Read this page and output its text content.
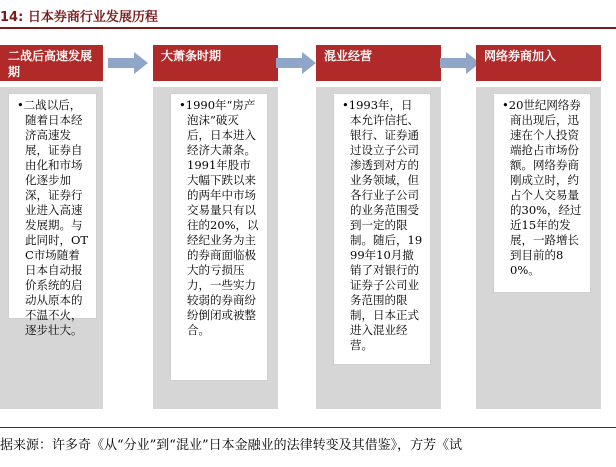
14: 日本券商行业发展历程
二战后高速发展期
•二战以后，随着日本经济高速发展，证券自由化和市场化逐步加深，证券行业进入高速发展期。与此同时，OTC市场随着日本自动报价系统的启动从原本的不温不火，逐步壮大。
大萧条时期
•1990年“房产泡沫”破灭后，日本进入经济大萧条。1991年股市大幅下跌以来的两年中市场交易量只有以往的20%，以经纪业务为主的券商面临极大的亏损压力，一些实力较弱的券商纷纷倒闭或被整合。
混业经营
•1993年，日本允许信托、银行、证券通过设立子公司渗透到对方的业务领域，但各行业子公司的业务范围受到一定的限制。随后，1999年10月撤销了对银行的证券子公司业务范围的限制，日本正式进入混业经营。
网络券商加入
•20世纪网络券商出现后，迅速在个人投资端抢占市场份额。网络券商刚成立时，约占个人交易量的30%，经过近15年的发展，一路增长到目前的80%。
据来源：许多奇《从“分业”到“混业”日本金融业的法律转变及其借鉴》，方芳《试
